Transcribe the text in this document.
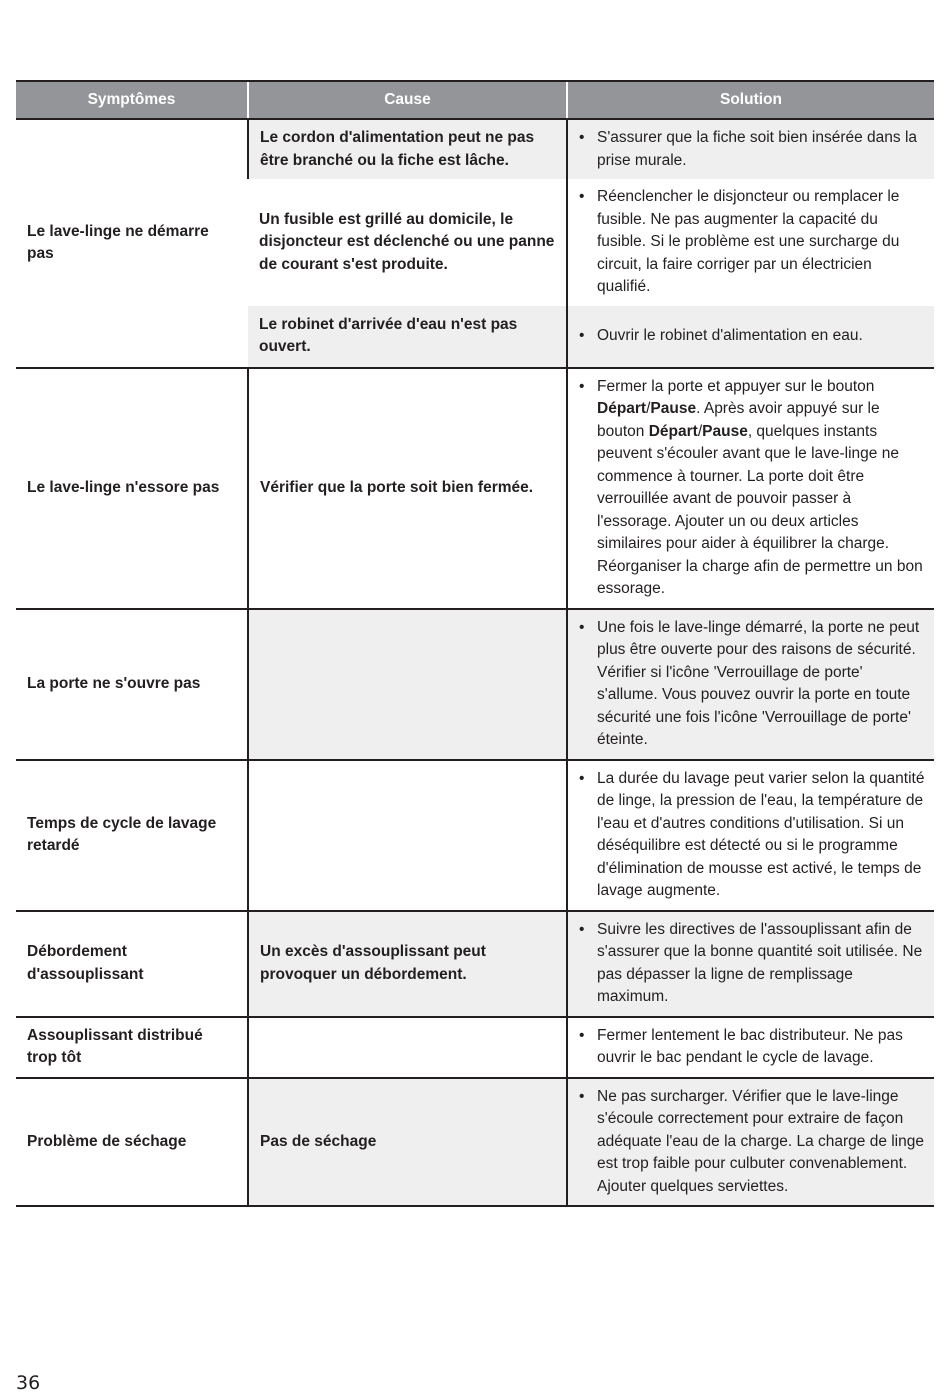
Symptômes	Cause	Solution
Le lave-linge ne démarre pas	Le cordon d'alimentation peut ne pas être branché ou la fiche est lâche.	• S'assurer que la fiche soit bien insérée dans la prise murale.
	Un fusible est grillé au domicile, le disjoncteur est déclenché ou une panne de courant s'est produite.	• Réenclencher le disjoncteur ou remplacer le fusible. Ne pas augmenter la capacité du fusible. Si le problème est une surcharge du circuit, la faire corriger par un électricien qualifié.
	Le robinet d'arrivée d'eau n'est pas ouvert.	• Ouvrir le robinet d'alimentation en eau.
Le lave-linge n'essore pas	Vérifier que la porte soit bien fermée.	• Fermer la porte et appuyer sur le bouton Départ/Pause. Après avoir appuyé sur le bouton Départ/Pause, quelques instants peuvent s'écouler avant que le lave-linge ne commence à tourner. La porte doit être verrouillée avant de pouvoir passer à l'essorage. Ajouter un ou deux articles similaires pour aider à équilibrer la charge. Réorganiser la charge afin de permettre un bon essorage.
La porte ne s'ouvre pas		• Une fois le lave-linge démarré, la porte ne peut plus être ouverte pour des raisons de sécurité. Vérifier si l'icône 'Verrouillage de porte' s'allume. Vous pouvez ouvrir la porte en toute sécurité une fois l'icône 'Verrouillage de porte' éteinte.
Temps de cycle de lavage retardé		• La durée du lavage peut varier selon la quantité de linge, la pression de l'eau, la température de l'eau et d'autres conditions d'utilisation. Si un déséquilibre est détecté ou si le programme d'élimination de mousse est activé, le temps de lavage augmente.
Débordement d'assouplissant	Un excès d'assouplissant peut provoquer un débordement.	• Suivre les directives de l'assouplissant afin de s'assurer que la bonne quantité soit utilisée. Ne pas dépasser la ligne de remplissage maximum.
Assouplissant distribué trop tôt		• Fermer lentement le bac distributeur. Ne pas ouvrir le bac pendant le cycle de lavage.
Problème de séchage	Pas de séchage	• Ne pas surcharger. Vérifier que le lave-linge s'écoule correctement pour extraire de façon adéquate l'eau de la charge. La charge de linge est trop faible pour culbuter convenablement. Ajouter quelques serviettes.
36
